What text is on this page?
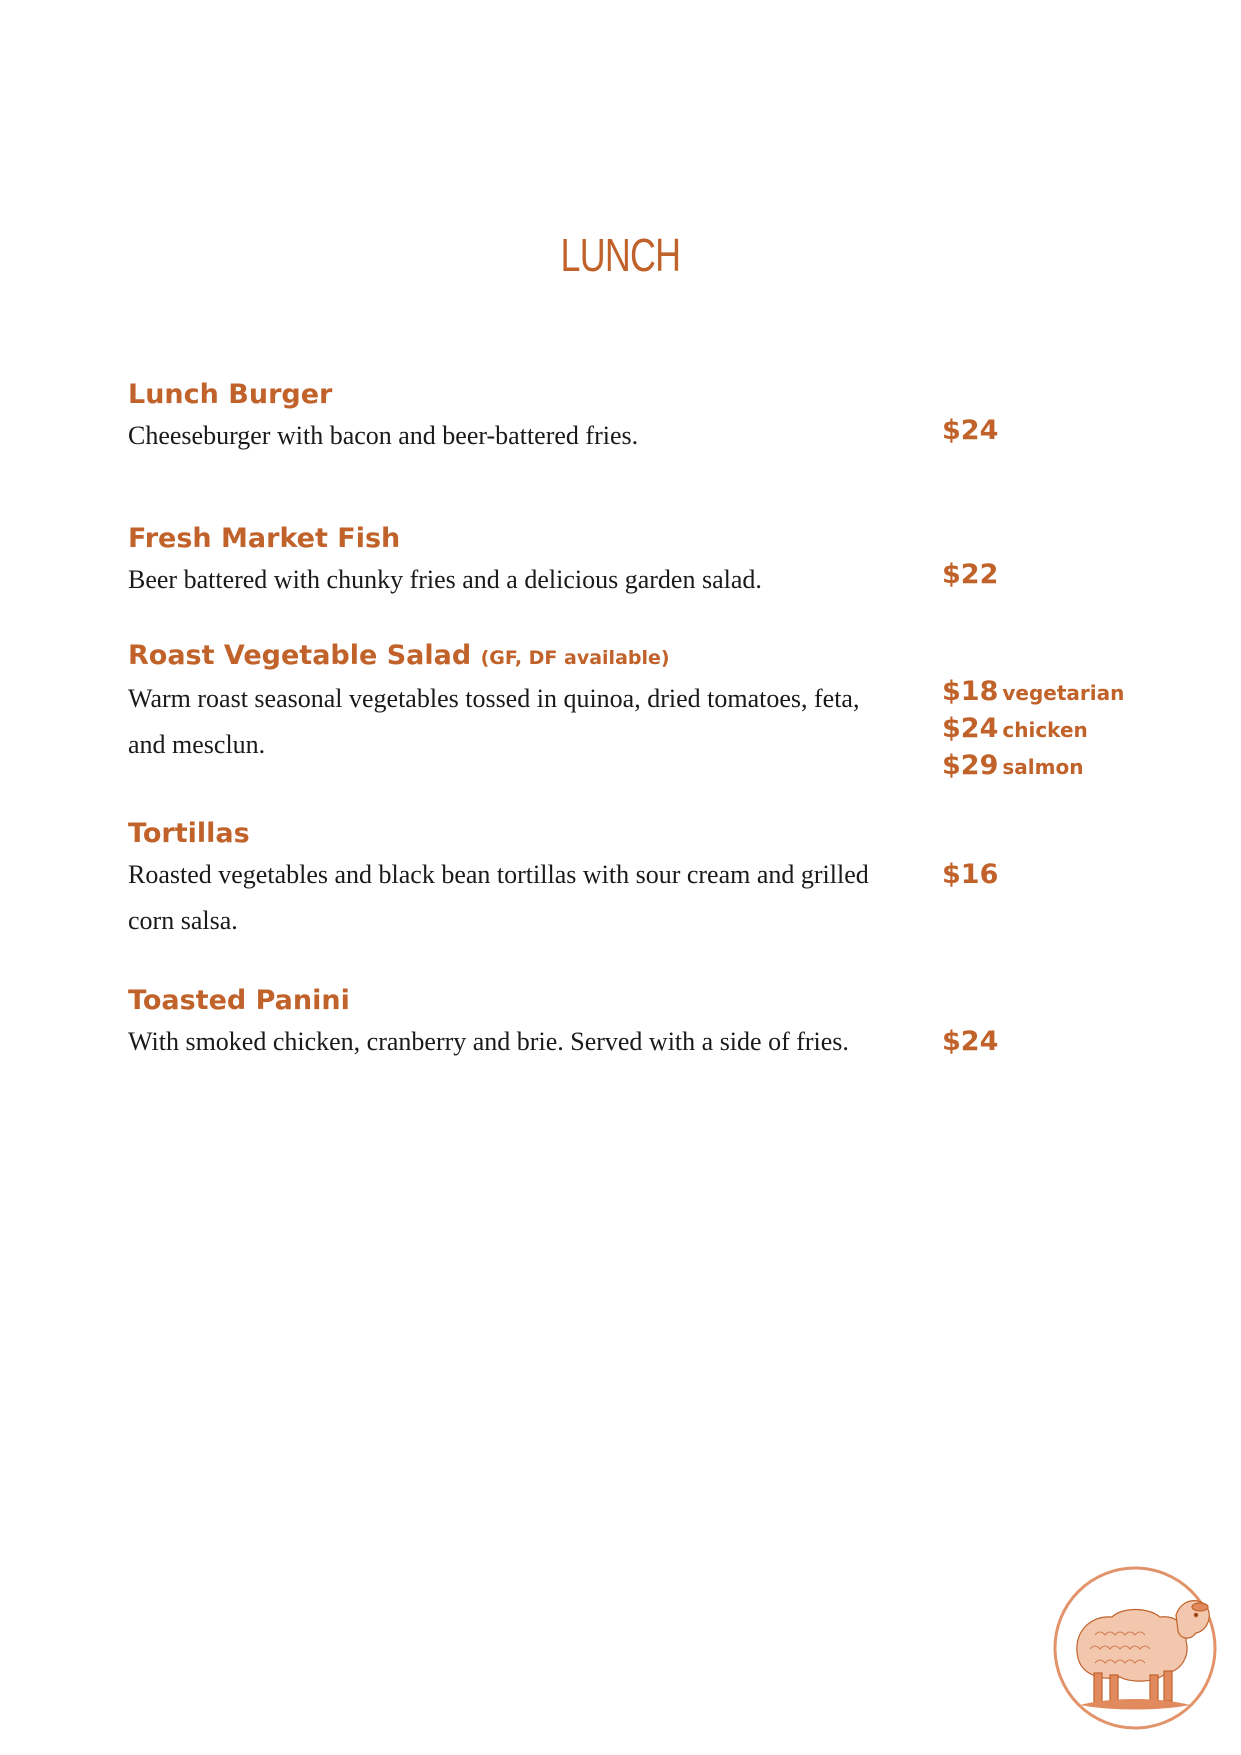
LUNCH
Lunch Burger
Cheeseburger with bacon and beer-battered fries.	$24
Fresh Market Fish
Beer battered with chunky fries and a delicious garden salad.	$22
Roast Vegetable Salad (GF, DF available)
Warm roast seasonal vegetables tossed in quinoa, dried tomatoes, feta, and mesclun.
$18 vegetarian
$24 chicken
$29 salmon
Tortillas
Roasted vegetables and black bean tortillas with sour cream and grilled corn salsa.
$16
Toasted Panini
With smoked chicken, cranberry and brie. Served with a side of fries.	$24
